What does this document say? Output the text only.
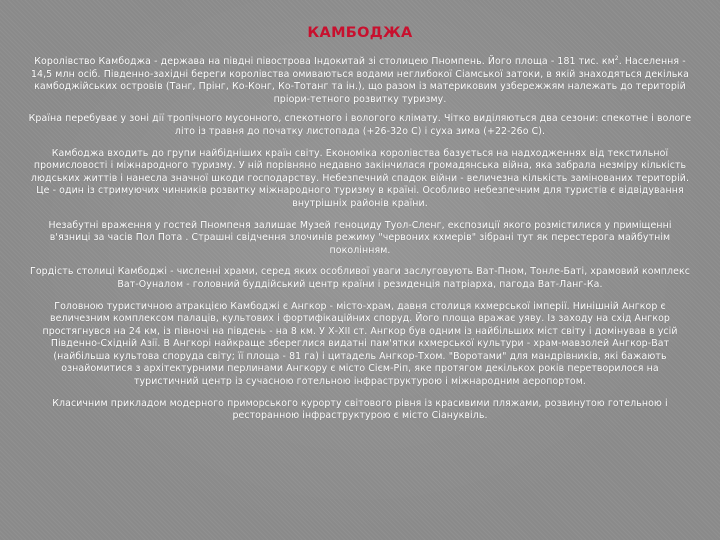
КАМБОДЖА

Королівство Камбоджа - держава на півдні півострова Індокитай зі столицею Пномпень. Його площа - 181 тис. $км^2$. Населення - 14,5 млн осіб. Південно-західні береги королівства омиваються водами неглибокої Сіамської затоки, в якій знаходяться декілька камбоджійських островів (Танг, Прінг, Ко-Конг, Ко-Тотанг та ін.), що разом із материковим узбережжям належать до територій пріори-тетного розвитку туризму.

Країна перебуває у зоні дії тропічного мусонного, спекотного і вологого клімату. Чітко виділяються два сезони: спекотне і вологе літо із травня до початку листопада (+26-32о С) і суха зима (+22-26о С).

Камбоджа входить до групи найбідніших країн світу. Економіка королівства базується на надходженнях від текстильної промисловості і міжнародного туризму. У ній порівняно недавно закінчилася громадянська війна, яка забрала незміру кількість людських життів і нанесла значної шкоди господарству. Небезпечний спадок війни - величезна кількість замінованих територій. Це - один із стримуючих чинників розвитку міжнародного туризму в країні. Особливо небезпечним для туристів є відвідування внутрішніх районів країни.

Незабутні враження у гостей Пномпеня залишає Музей геноциду Туол-Сленг, експозиції якого розмістилися у приміщенні в'язниці за часів Пол Пота . Страшні свідчення злочинів режиму "червоних кхмерів" зібрані тут як перестерога майбутнім поколінням.

Гордість столиці Камбоджі - численні храми, серед яких особливої уваги заслуговують Ват-Пном, Тонле-Баті, храмовий комплекс Ват-Оуналом - головний буддійський центр країни і резиденція патріарха, пагода Ват-Ланг-Ка.

Головною туристичною атракцією Камбоджі є Ангкор - місто-храм, давня столиця кхмерської імперії. Нинішній Ангкор є величезним комплексом палаців, культових і фортифікаційних споруд. Його площа вражає уяву. Із заходу на схід Ангкор простягнувся на 24 км, із півночі на південь - на 8 км. У Х-ХІІ ст. Ангкор був одним із найбільших міст світу і домінував в усій Південно-Східній Азії. В Ангкорі найкраще збереглися видатні пам'ятки кхмерської культури - храм-мавзолей Ангкор-Ват (найбільша культова споруда світу; її площа - 81 га) і цитадель Ангкор-Тхом. "Воротами" для мандрівників, які бажають ознайомитися з архітектурними перлинами Ангкору є місто Сієм-Ріп, яке протягом декількох років перетворилося на туристичний центр із сучасною готельною інфраструктурою і міжнародним аеропортом.

Класичним прикладом модерного приморського курорту світового рівня із красивими пляжами, розвинутою готельною і ресторанною інфраструктурою є місто Сіануквіль.
